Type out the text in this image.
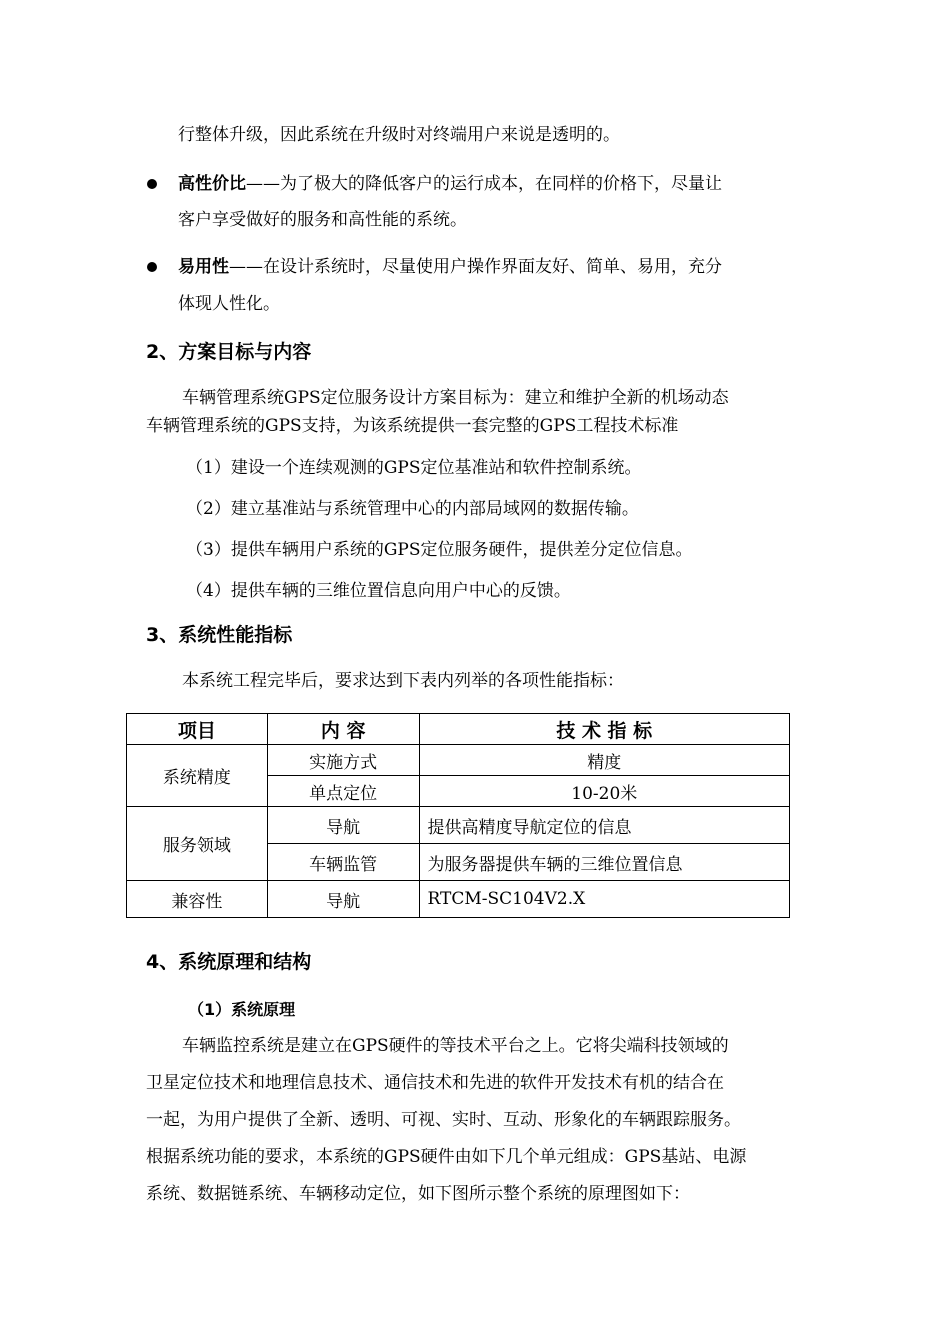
行整体升级，因此系统在升级时对终端用户来说是透明的。
高性价比——为了极大的降低客户的运行成本，在同样的价格下，尽量让
客户享受做好的服务和高性能的系统。
易用性——在设计系统时，尽量使用户操作界面友好、简单、易用，充分
体现人性化。
2、方案目标与内容
车辆管理系统GPS定位服务设计方案目标为：建立和维护全新的机场动态
车辆管理系统的GPS支持，为该系统提供一套完整的GPS工程技术标准
（1）建设一个连续观测的GPS定位基准站和软件控制系统。
（2）建立基准站与系统管理中心的内部局域网的数据传输。
（3）提供车辆用户系统的GPS定位服务硬件，提供差分定位信息。
（4）提供车辆的三维位置信息向用户中心的反馈。
3、系统性能指标
本系统工程完毕后，要求达到下表内列举的各项性能指标：
项目	内 容	技 术 指 标
系统精度	实施方式	精度
	单点定位	10-20米
服务领域	导航	提供高精度导航定位的信息
	车辆监管	为服务器提供车辆的三维位置信息
兼容性	导航	RTCM-SC104V2.X
4、系统原理和结构
（1）系统原理
车辆监控系统是建立在GPS硬件的等技术平台之上。它将尖端科技领域的
卫星定位技术和地理信息技术、通信技术和先进的软件开发技术有机的结合在
一起，为用户提供了全新、透明、可视、实时、互动、形象化的车辆跟踪服务。
根据系统功能的要求，本系统的GPS硬件由如下几个单元组成：GPS基站、电源
系统、数据链系统、车辆移动定位，如下图所示整个系统的原理图如下：
